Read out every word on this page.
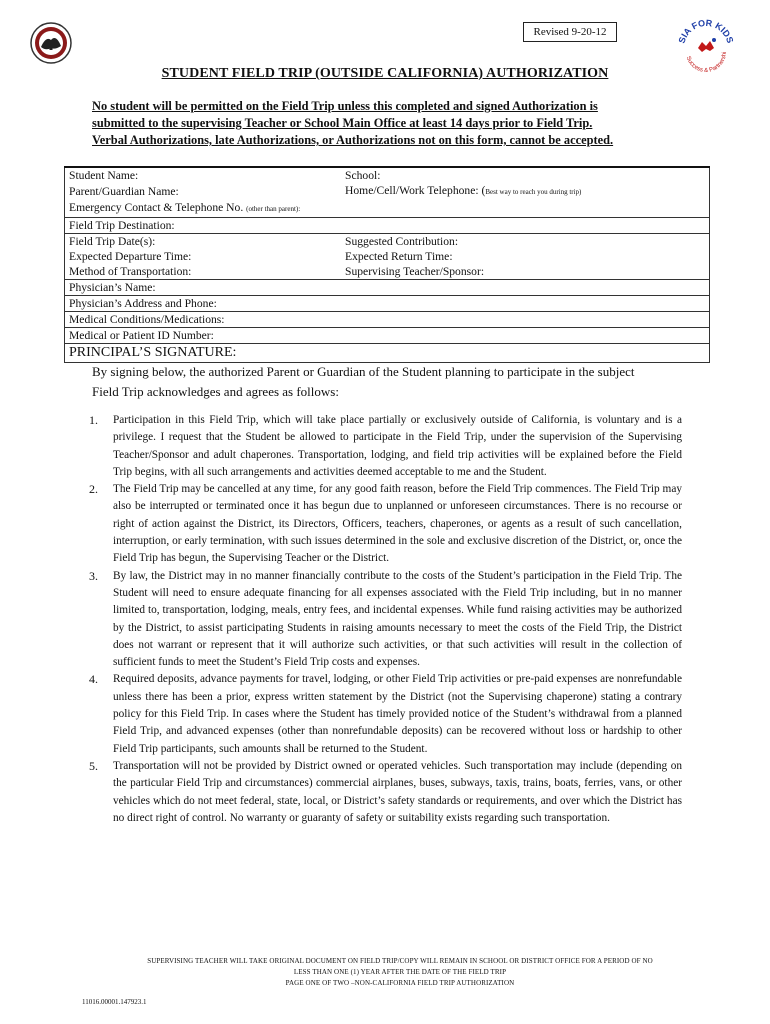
Revised 9-20-12
SIA FOR KIDS
Success & Partnershi
STUDENT FIELD TRIP (OUTSIDE CALIFORNIA) AUTHORIZATION
No student will be permitted on the Field Trip unless this completed and signed Authorization is
submitted to the supervising Teacher or School Main Office at least 14 days prior to Field Trip.
Verbal Authorizations, late Authorizations, or Authorizations not on this form, cannot be accepted.
Student Name:	School:
Parent/Guardian Name:	Home/Cell/Work Telephone: (Best way to reach you during trip)
Emergency Contact & Telephone No. (other than parent):	
Field Trip Destination:	
Field Trip Date(s):	Suggested Contribution:
Expected Departure Time:	Expected Return Time:
Method of Transportation:	Supervising Teacher/Sponsor:
Physician’s Name:	
Physician’s Address and Phone:	
Medical Conditions/Medications:	
Medical or Patient ID Number:	
PRINCIPAL’S SIGNATURE:	
By signing below, the authorized Parent or Guardian of the Student planning to participate in the subject
Field Trip acknowledges and agrees as follows:
1. Participation in this Field Trip, which will take place partially or exclusively outside of California, is voluntary and is a privilege. I request that the Student be allowed to participate in the Field Trip, under the supervision of the Supervising Teacher/Sponsor and adult chaperones. Transportation, lodging, and field trip activities will be explained before the Field Trip begins, with all such arrangements and activities deemed acceptable to me and the Student.
2. The Field Trip may be cancelled at any time, for any good faith reason, before the Field Trip commences. The Field Trip may also be interrupted or terminated once it has begun due to unplanned or unforeseen circumstances. There is no recourse or right of action against the District, its Directors, Officers, teachers, chaperones, or agents as a result of such cancellation, interruption, or early termination, with such issues determined in the sole and exclusive discretion of the District, or, once the Field Trip has begun, the Supervising Teacher or the District.
3. By law, the District may in no manner financially contribute to the costs of the Student’s participation in the Field Trip. The Student will need to ensure adequate financing for all expenses associated with the Field Trip including, but in no manner limited to, transportation, lodging, meals, entry fees, and incidental expenses. While fund raising activities may be authorized by the District, to assist participating Students in raising amounts necessary to meet the costs of the Field Trip, the District does not warrant or represent that it will authorize such activities, or that such activities will result in the collection of sufficient funds to meet the Student’s Field Trip costs and expenses.
4. Required deposits, advance payments for travel, lodging, or other Field Trip activities or pre-paid expenses are nonrefundable unless there has been a prior, express written statement by the District (not the Supervising chaperone) stating a contrary policy for this Field Trip. In cases where the Student has timely provided notice of the Student’s withdrawal from a planned Field Trip, and advanced expenses (other than nonrefundable deposits) can be recovered without loss or hardship to other Field Trip participants, such amounts shall be returned to the Student.
5. Transportation will not be provided by District owned or operated vehicles. Such transportation may include (depending on the particular Field Trip and circumstances) commercial airplanes, buses, subways, taxis, trains, boats, ferries, vans, or other vehicles which do not meet federal, state, local, or District’s safety standards or requirements, and over which the District has no direct right of control. No warranty or guaranty of safety or suitability exists regarding such transportation.
SUPERVISING TEACHER WILL TAKE ORIGINAL DOCUMENT ON FIELD TRIP/COPY WILL REMAIN IN SCHOOL OR DISTRICT OFFICE FOR A PERIOD OF NO
LESS THAN ONE (1) YEAR AFTER THE DATE OF THE FIELD TRIP
PAGE ONE OF TWO –NON-CALIFORNIA FIELD TRIP AUTHORIZATION
11016.00001.147923.1
